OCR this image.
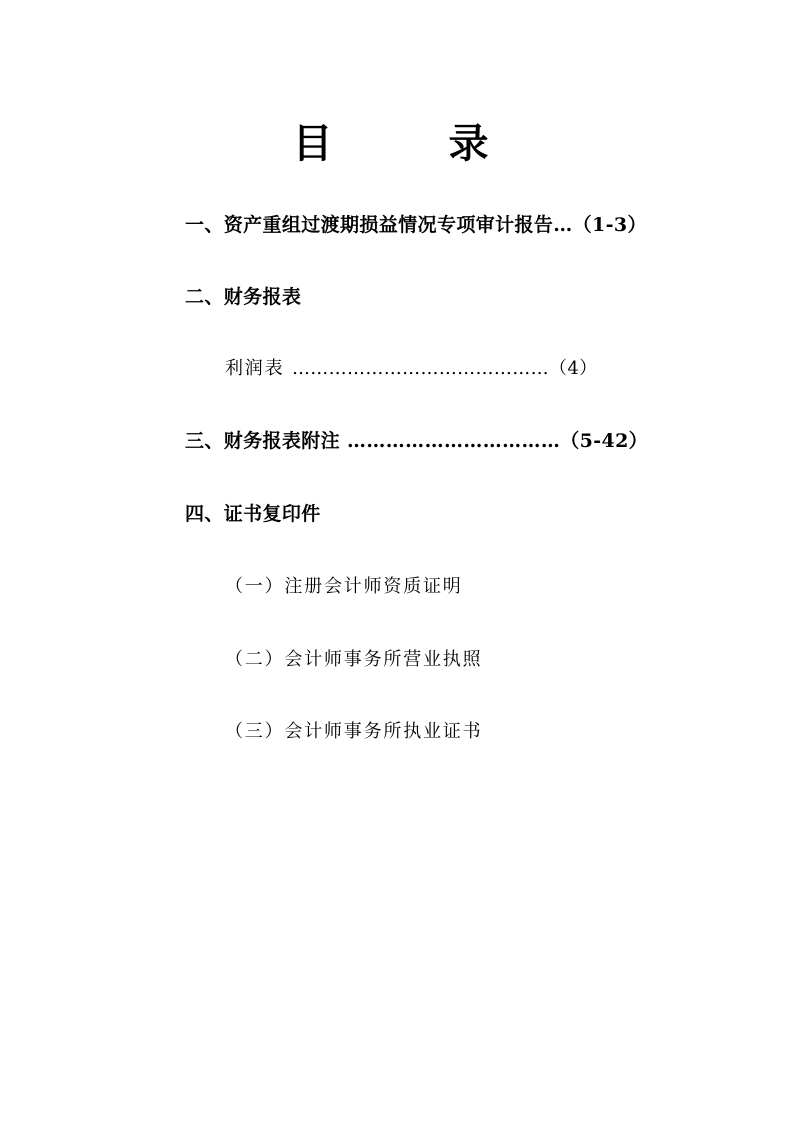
目　　录
一、资产重组过渡期损益情况专项审计报告…（1-3）
二、财务报表
利润表 ……………………………………（4）
三、财务报表附注 ……………………………（5-42）
四、证书复印件
（一）注册会计师资质证明
（二）会计师事务所营业执照
（三）会计师事务所执业证书
